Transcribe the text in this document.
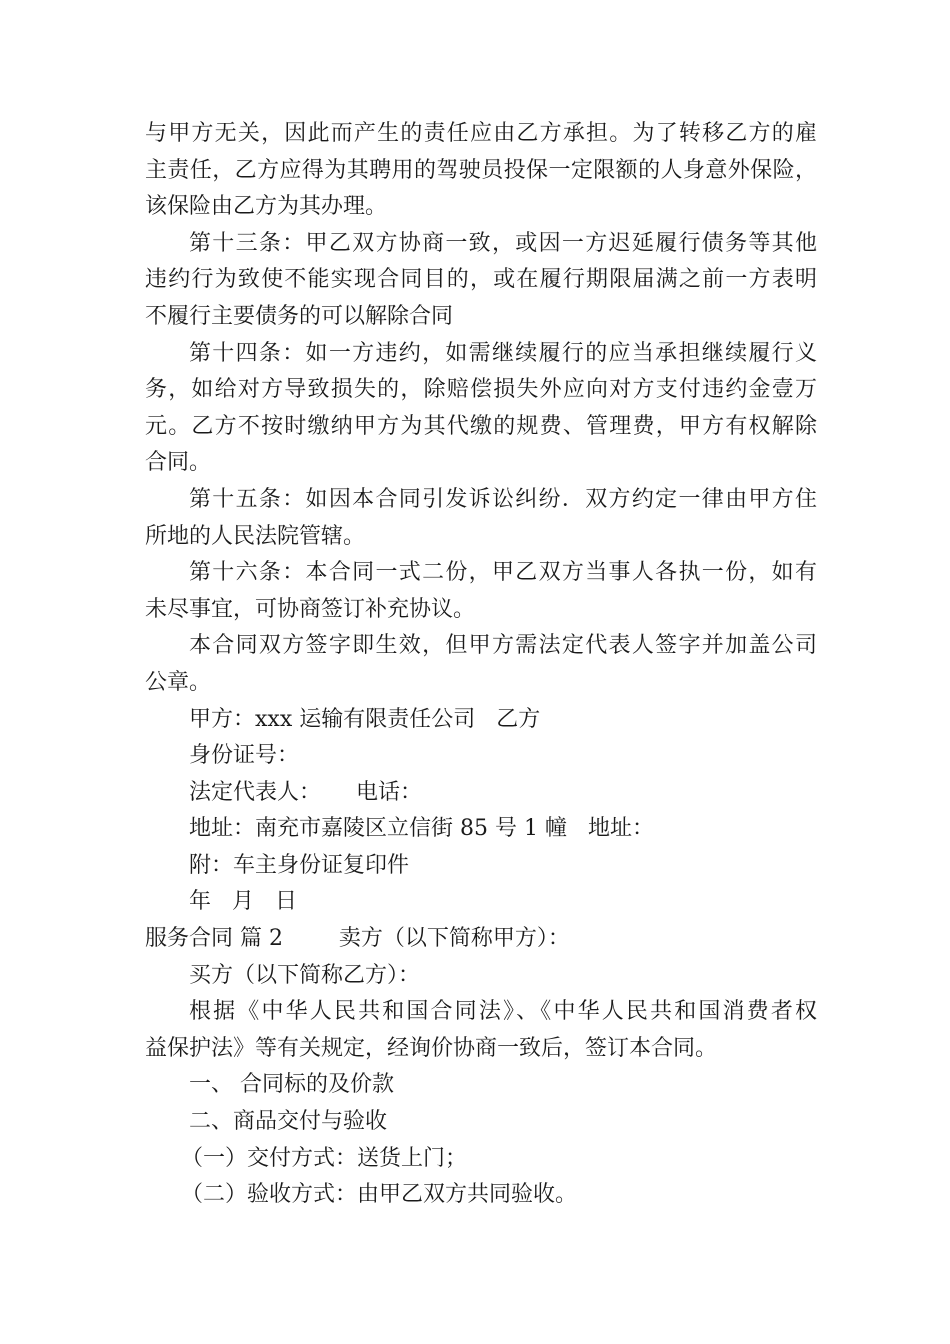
与甲方无关，因此而产生的责任应由乙方承担。为了转移乙方的雇
主责任，乙方应得为其聘用的驾驶员投保一定限额的人身意外保险，
该保险由乙方为其办理。
第十三条：甲乙双方协商一致，或因一方迟延履行债务等其他
违约行为致使不能实现合同目的，或在履行期限届满之前一方表明
不履行主要债务的可以解除合同
第十四条：如一方违约，如需继续履行的应当承担继续履行义
务，如给对方导致损失的，除赔偿损失外应向对方支付违约金壹万
元。乙方不按时缴纳甲方为其代缴的规费、管理费，甲方有权解除
合同。
第十五条：如因本合同引发诉讼纠纷．双方约定一律由甲方住
所地的人民法院管辖。
第十六条：本合同一式二份，甲乙双方当事人各执一份，如有
未尽事宜，可协商签订补充协议。
本合同双方签字即生效，但甲方需法定代表人签字并加盖公司
公章。
甲方：xxx 运输有限责任公司   乙方
身份证号：
法定代表人：     电话：
地址：南充市嘉陵区立信街 85 号 1 幢   地址：
附：车主身份证复印件
年   月   日
服务合同 篇 2        卖方（以下简称甲方）：
买方（以下简称乙方）：
根据《中华人民共和国合同法》、《中华人民共和国消费者权
益保护法》等有关规定，经询价协商一致后，签订本合同。
一、 合同标的及价款
二、商品交付与验收
（一）交付方式：送货上门；
（二）验收方式：由甲乙双方共同验收。
